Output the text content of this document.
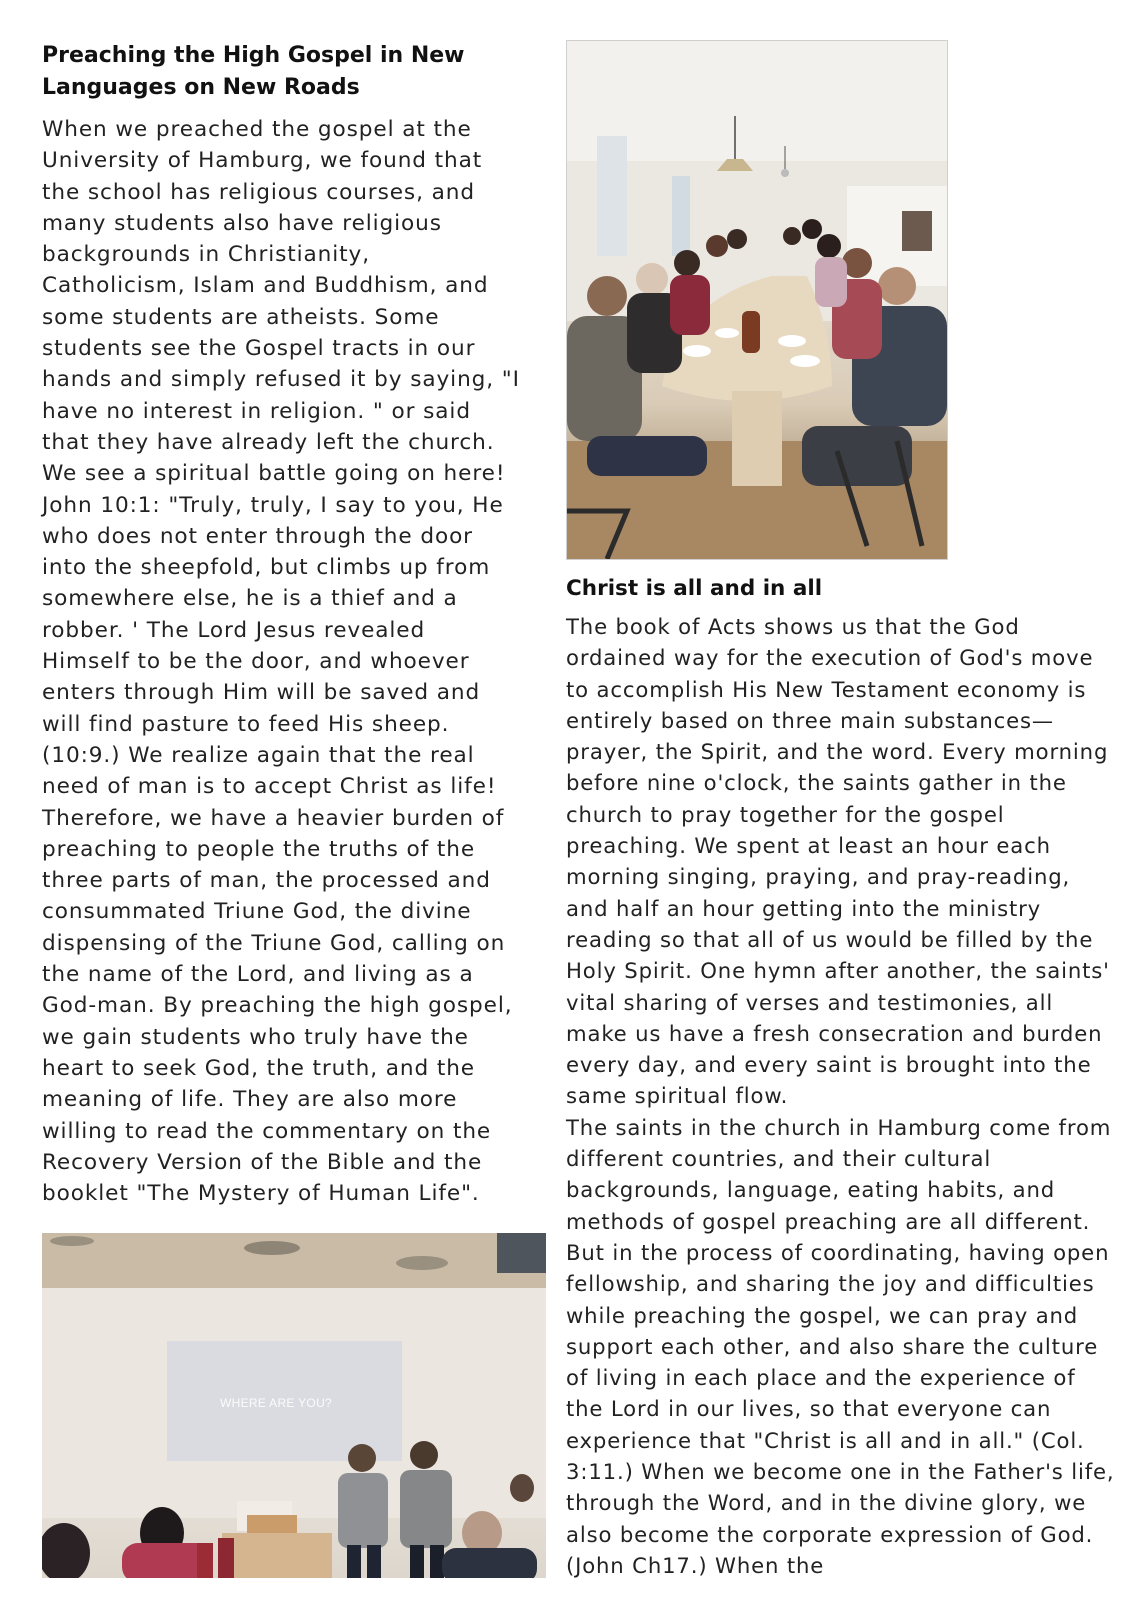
Preaching the High Gospel in New Languages on New Roads

When we preached the gospel at the University of Hamburg, we found that the school has religious courses, and many students also have religious backgrounds in Christianity, Catholicism, Islam and Buddhism, and some students are atheists. Some students see the Gospel tracts in our hands and simply refused it by saying, "I have no interest in religion. " or said that they have already left the church. We see a spiritual battle going on here! John 10:1: "Truly, truly, I say to you, He who does not enter through the door into the sheepfold, but climbs up from somewhere else, he is a thief and a robber. ' The Lord Jesus revealed Himself to be the door, and whoever enters through Him will be saved and will find pasture to feed His sheep. (10:9.) We realize again that the real need of man is to accept Christ as life! Therefore, we have a heavier burden of preaching to people the truths of the three parts of man, the processed and consummated Triune God, the divine dispensing of the Triune God, calling on the name of the Lord, and living as a God-man. By preaching the high gospel, we gain students who truly have the heart to seek God, the truth, and the meaning of life. They are also more willing to read the commentary on the Recovery Version of the Bible and the booklet "The Mystery of Human Life".

WHERE ARE YOU?
Christ is all and in all

The book of Acts shows us that the God ordained way for the execution of God's move to accomplish His New Testament economy is entirely based on three main substances—prayer, the Spirit, and the word. Every morning before nine o'clock, the saints gather in the church to pray together for the gospel preaching. We spent at least an hour each morning singing, praying, and pray-reading, and half an hour getting into the ministry reading so that all of us would be filled by the Holy Spirit. One hymn after another, the saints' vital sharing of verses and testimonies, all make us have a fresh consecration and burden every day, and every saint is brought into the same spiritual flow.

The saints in the church in Hamburg come from different countries, and their cultural backgrounds, language, eating habits, and methods of gospel preaching are all different. But in the process of coordinating, having open fellowship, and sharing the joy and difficulties while preaching the gospel, we can pray and support each other, and also share the culture of living in each place and the experience of the Lord in our lives, so that everyone can experience that "Christ is all and in all." (Col. 3:11.) When we become one in the Father's life, through the Word, and in the divine glory, we also become the corporate expression of God. (John Ch17.) When the
